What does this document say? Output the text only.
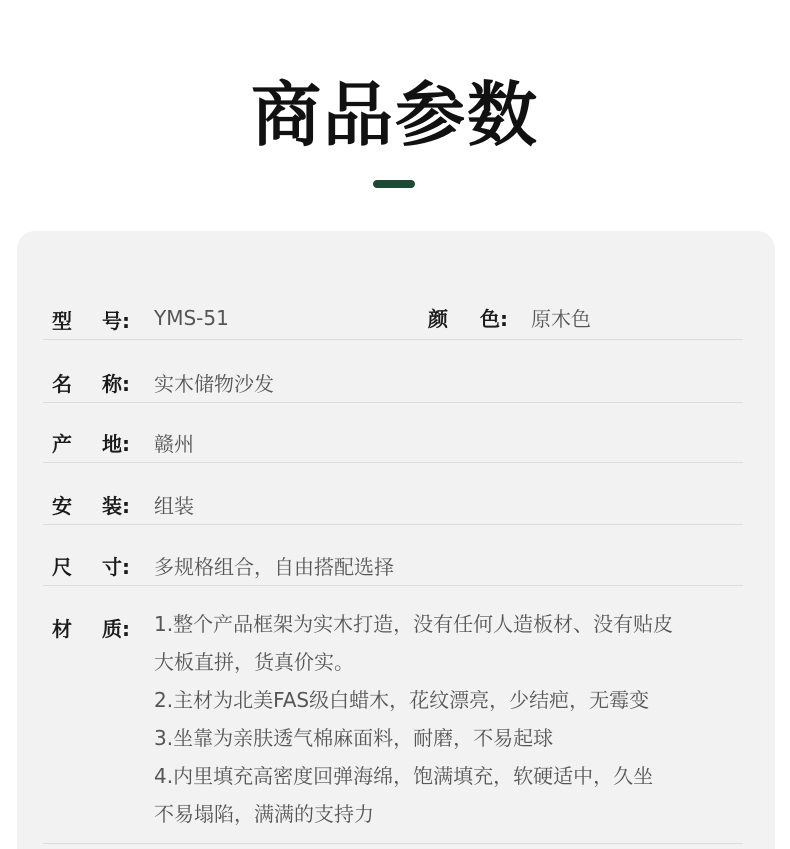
商品参数
型 号: YMS-51	颜 色: 原木色
名 称: 实木储物沙发
产 地: 赣州
安 装: 组装
尺 寸: 多规格组合，自由搭配选择
材 质: 1.整个产品框架为实木打造，没有任何人造板材、没有贴皮
大板直拼，货真价实。
2.主材为北美FAS级白蜡木，花纹漂亮，少结疤，无霉变
3.坐靠为亲肤透气棉麻面料，耐磨，不易起球
4.内里填充高密度回弹海绵，饱满填充，软硬适中，久坐
不易塌陷，满满的支持力
